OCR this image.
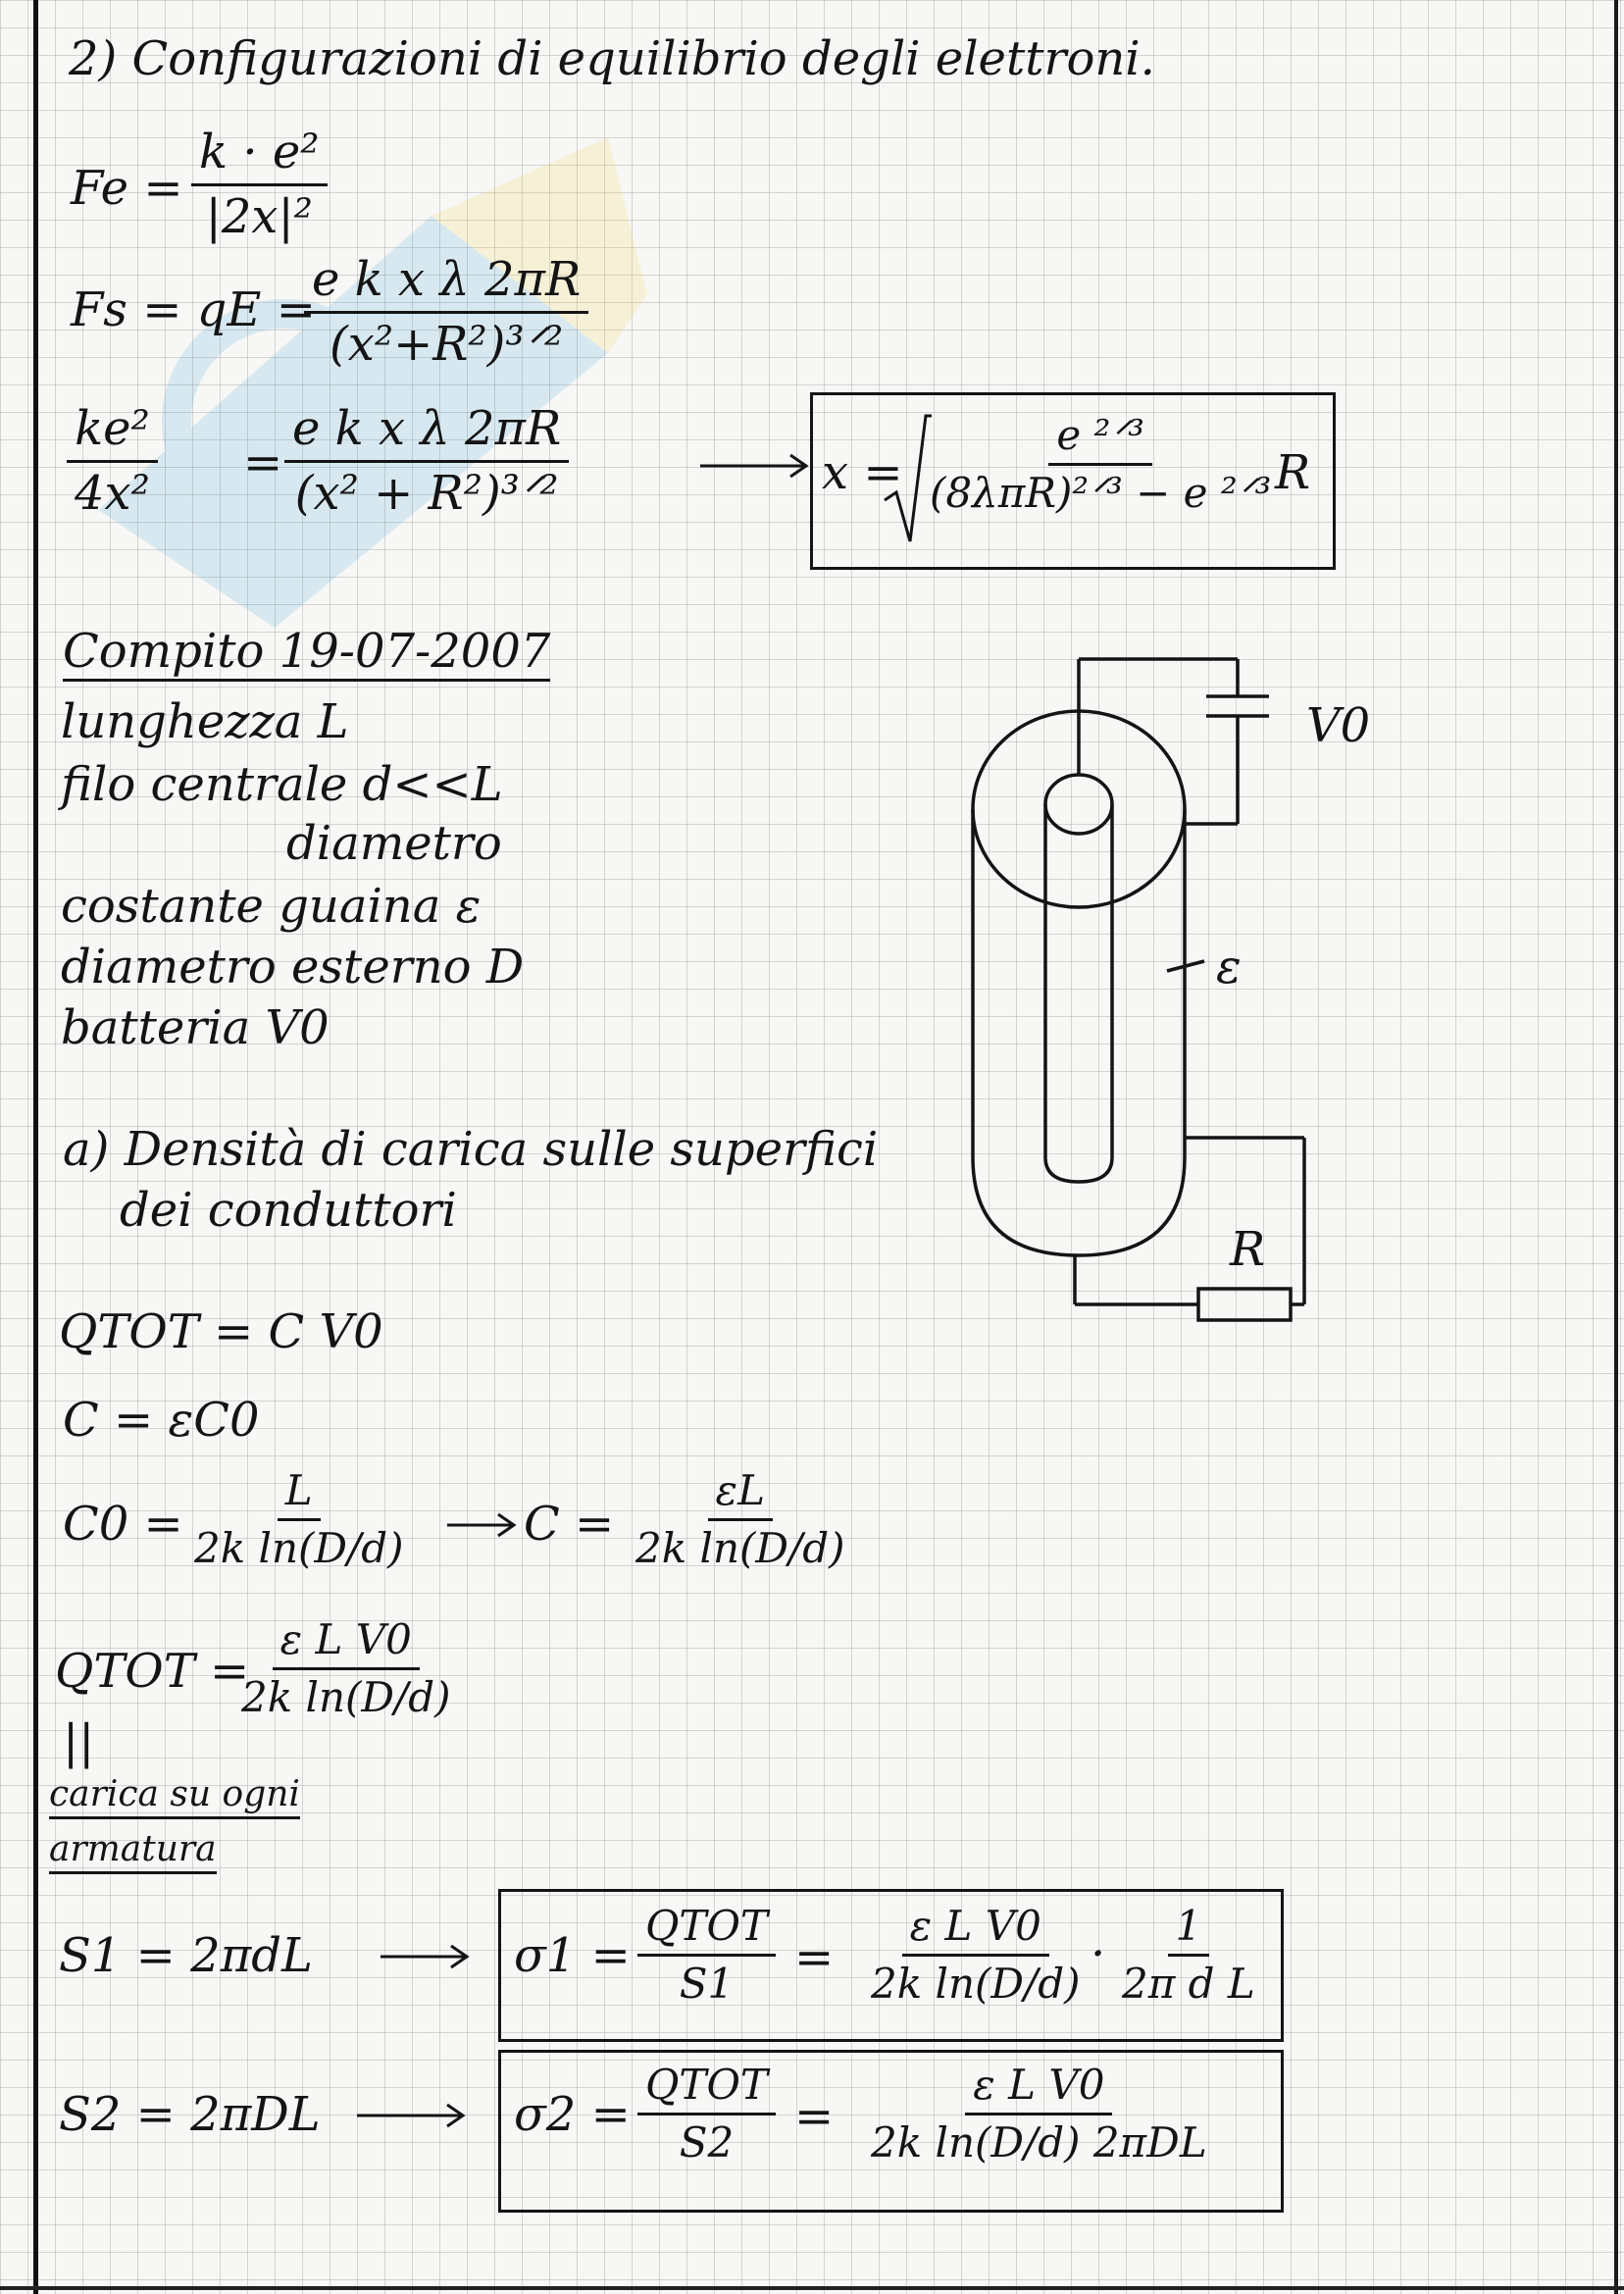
2) Configurazioni di equilibrio degli elettroni.
$Fe = \frac{\text{k · e²}}{\text{|2x|²}}$
Fs = qE =
e k x λ 2πR
(x²+R²)³ᐟ²
$\frac{\text{ke²}}{\text{4x²}}$ =
e k x λ 2πR
(x² + R²)³ᐟ²	x =
e ²ᐟ³
(8λπR)²ᐟ³ − e ²ᐟ³ R
Compito 19-07-2007
lunghezza L
filo centrale d<<L
diametro
costante guaina ε
diametro esterno D
batteria V0
V0
ε
R
a) Densità di carica sulle superfici
dei conduttori
QTOT = C V0
C = εC0
$C0 = \frac{L}{\text{2k ln(D/d)}}$ $C = \frac{\varepsilon L}{\text{2k ln(D/d)}}$
QTOT =
$\frac{\text{ε L V0}}{\text{2k ln(D/d)}}$
||
carica su ogni
armatura
S1 = 2πdL	σ1 =
QTOT
$S1 = \frac{\text{ε L V0}}{\text{2k ln(D/d)}} \cdot \frac{1}{\text{2π d L}}$
S2 = 2πDL	σ2 =
QTOT
S2 =
ε L V0
2k ln(D/d) 2πDL
